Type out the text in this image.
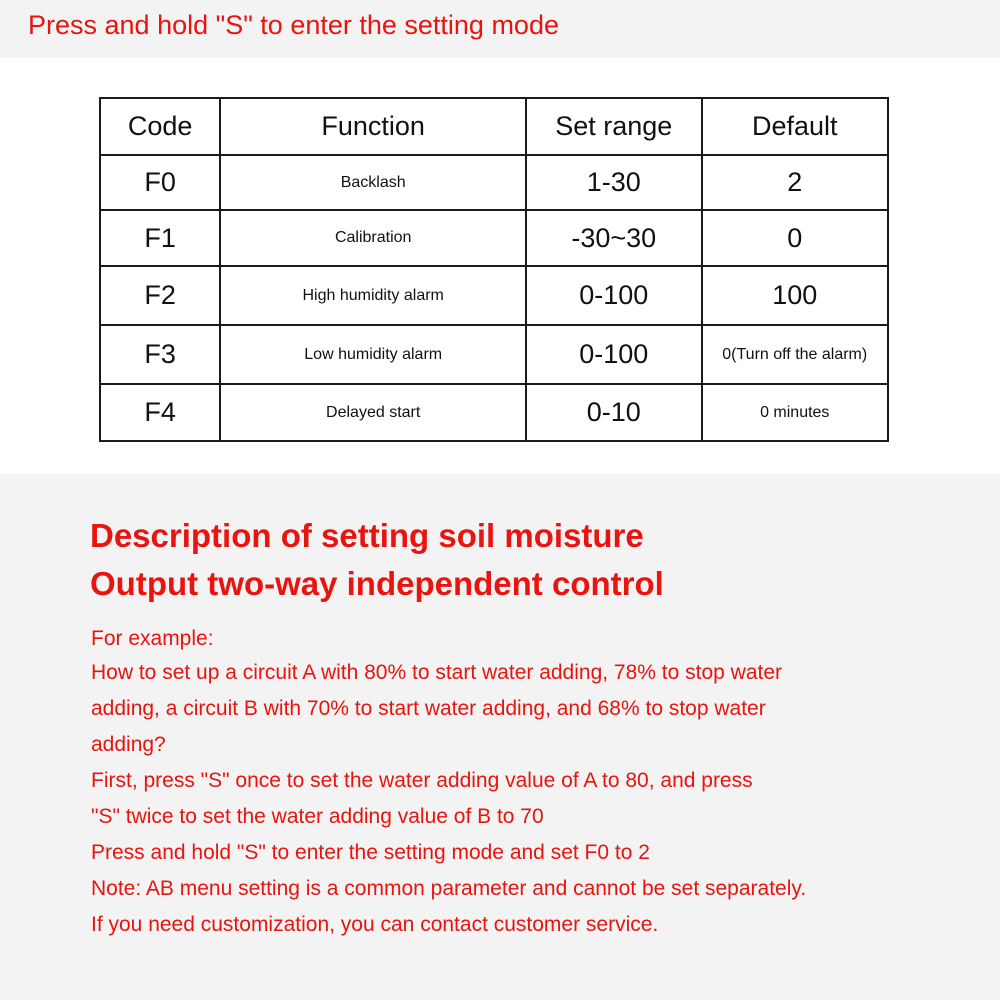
Press and hold "S" to enter the setting mode
Code	Function	Set range	Default
F0	Backlash	1-30	2
F1	Calibration	-30~30	0
F2	High humidity alarm	0-100	100
F3	Low humidity alarm	0-100	0(Turn off the alarm)
F4	Delayed start	0-10	0 minutes
Description of setting soil moisture
Output two-way independent control
For example:
How to set up a circuit A with 80% to start water adding, 78% to stop water
adding, a circuit B with 70% to start water adding, and 68% to stop water
adding?
First, press "S" once to set the water adding value of A to 80, and press
"S" twice to set the water adding value of B to 70
Press and hold "S" to enter the setting mode and set F0 to 2
Note: AB menu setting is a common parameter and cannot be set separately.
If you need customization, you can contact customer service.
